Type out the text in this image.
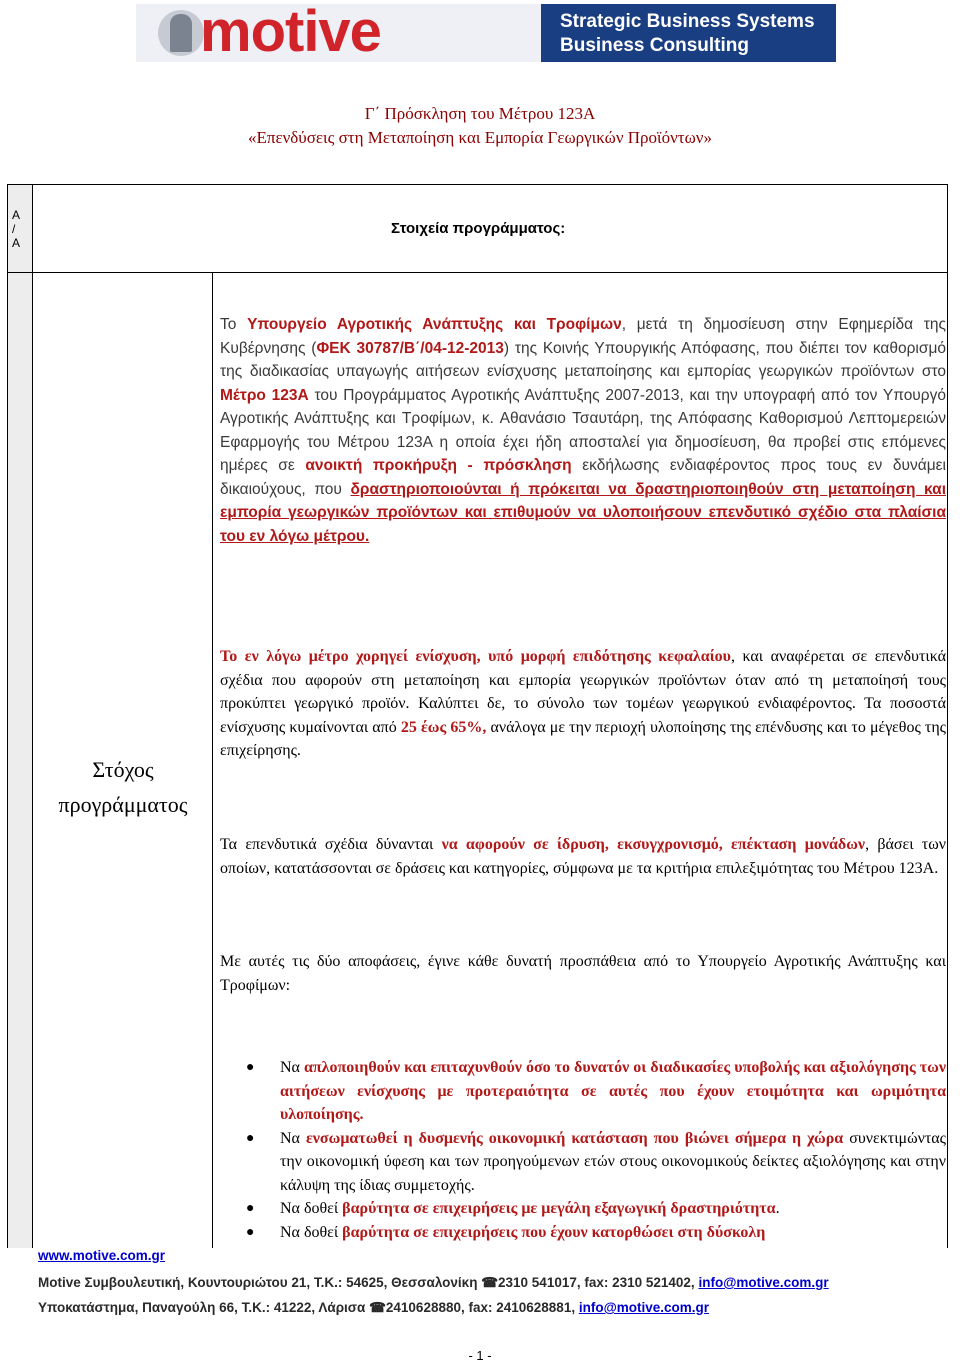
motive	Strategic Business Systems
Business Consulting
Γ΄ Πρόσκληση του Μέτρου 123Α
«Επενδύσεις στη Μεταποίηση και Εμπορία Γεωργικών Προϊόντων»
Α
/
Α
Στοιχεία προγράμματος:
Στόχος
προγράμματος
Το Υπουργείο Αγροτικής Ανάπτυξης και Τροφίμων, μετά τη δημοσίευση στην Εφημερίδα της Κυβέρνησης (ΦΕΚ 30787/Β΄/04-12-2013) της Κοινής Υπουργικής Απόφασης, που διέπει τον καθορισμό της διαδικασίας υπαγωγής αιτήσεων ενίσχυσης μεταποίησης και εμπορίας γεωργικών προϊόντων στο Μέτρο 123Α του Προγράμματος Αγροτικής Ανάπτυξης 2007-2013, και την υπογραφή από τον Υπουργό Αγροτικής Ανάπτυξης και Τροφίμων, κ. Αθανάσιο Τσαυτάρη, της Απόφασης Καθορισμού Λεπτομερειών Εφαρμογής του Μέτρου 123Α η οποία έχει ήδη αποσταλεί για δημοσίευση, θα προβεί στις επόμενες ημέρες σε ανοικτή προκήρυξη - πρόσκληση εκδήλωσης ενδιαφέροντος προς τους εν δυνάμει δικαιούχους, που δραστηριοποιούνται ή πρόκειται να δραστηριοποιηθούν στη μεταποίηση και εμπορία γεωργικών προϊόντων και επιθυμούν να υλοποιήσουν επενδυτικό σχέδιο στα πλαίσια του εν λόγω μέτρου.
Το εν λόγω μέτρο χορηγεί ενίσχυση, υπό μορφή επιδότησης κεφαλαίου, και αναφέρεται σε επενδυτικά σχέδια που αφορούν στη μεταποίηση και εμπορία γεωργικών προϊόντων όταν από τη μεταποίησή τους προκύπτει γεωργικό προϊόν. Καλύπτει δε, το σύνολο των τομέων γεωργικού ενδιαφέροντος. Τα ποσοστά ενίσχυσης κυμαίνονται από 25 έως 65%, ανάλογα με την περιοχή υλοποίησης της επένδυσης και το μέγεθος της επιχείρησης.
Τα επενδυτικά σχέδια δύνανται να αφορούν σε ίδρυση, εκσυγχρονισμό, επέκταση μονάδων, βάσει των οποίων, κατατάσσονται σε δράσεις και κατηγορίες, σύμφωνα με τα κριτήρια επιλεξιμότητας του Μέτρου 123Α.
Με αυτές τις δύο αποφάσεις, έγινε κάθε δυνατή προσπάθεια από το Υπουργείο Αγροτικής Ανάπτυξης και Τροφίμων:
● Να απλοποιηθούν και επιταχυνθούν όσο το δυνατόν οι διαδικασίες υποβολής και αξιολόγησης των αιτήσεων ενίσχυσης με προτεραιότητα σε αυτές που έχουν ετοιμότητα και ωριμότητα υλοποίησης.
● Να ενσωματωθεί η δυσμενής οικονομική κατάσταση που βιώνει σήμερα η χώρα συνεκτιμώντας την οικονομική ύφεση και των προηγούμενων ετών στους οικονομικούς δείκτες αξιολόγησης και στην κάλυψη της ίδιας συμμετοχής.
● Να δοθεί βαρύτητα σε επιχειρήσεις με μεγάλη εξαγωγική δραστηριότητα.
● Να δοθεί βαρύτητα σε επιχειρήσεις που έχουν κατορθώσει στη δύσκολη
www.motive.com.gr
Motive Συμβουλευτική, Κουντουριώτου 21, Τ.Κ.: 54625, Θεσσαλονίκη ☎2310 541017, fax: 2310 521402, info@motive.com.gr
Υποκατάστημα, Παναγούλη 66, Τ.Κ.: 41222, Λάρισα ☎2410628880, fax: 2410628881, info@motive.com.gr
- 1 -
